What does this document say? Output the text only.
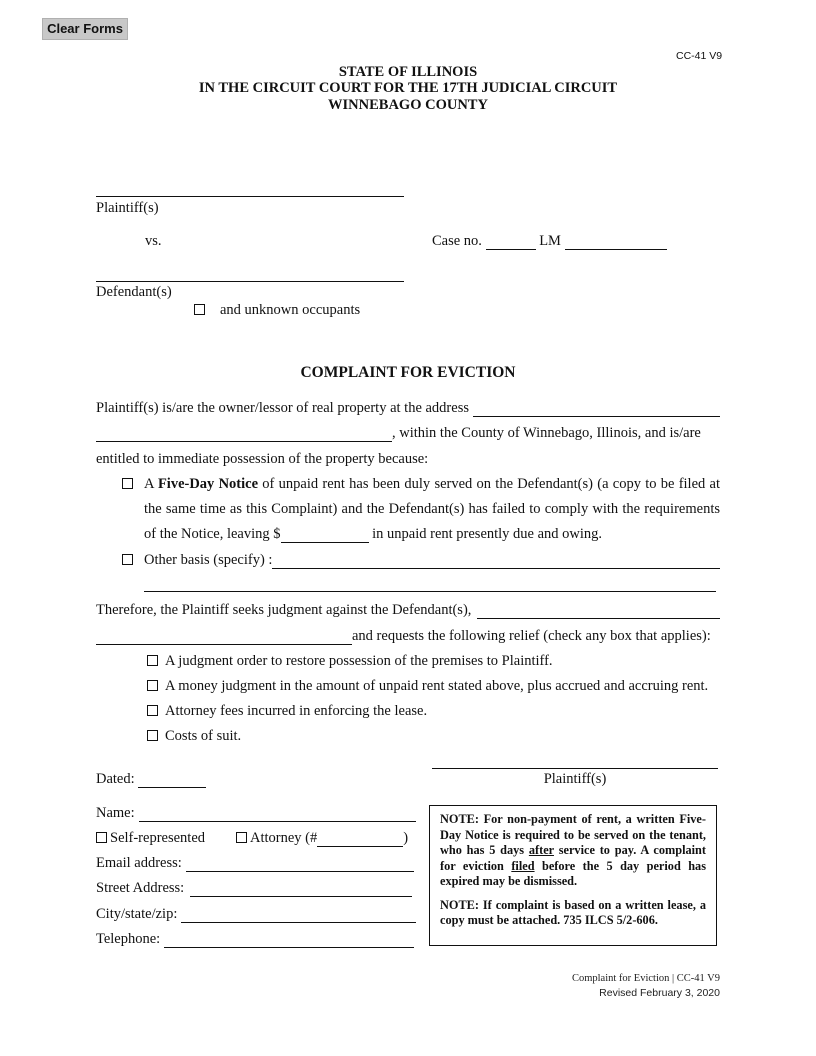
Clear Forms
CC-41 V9
STATE OF ILLINOIS
IN THE CIRCUIT COURT FOR THE 17TH JUDICIAL CIRCUIT
WINNEBAGO COUNTY
Plaintiff(s)
vs.	Case no.	LM
Defendant(s)
and unknown occupants
COMPLAINT FOR EVICTION
Plaintiff(s) is/are the owner/lessor of real property at the address
, within the County of Winnebago, Illinois, and is/are
entitled to immediate possession of the property because:
A Five-Day Notice of unpaid rent has been duly served on the Defendant(s) (a copy to be filed at
the same time as this Complaint) and the Defendant(s) has failed to comply with the requirements
of the Notice, leaving $	in unpaid rent presently due and owing.
Other basis (specify) :
Therefore, the Plaintiff seeks judgment against the Defendant(s),
and requests the following relief (check any box that applies):
A judgment order to restore possession of the premises to Plaintiff.
A money judgment in the amount of unpaid rent stated above, plus accrued and accruing rent.
Attorney fees incurred in enforcing the lease.
Costs of suit.
Dated:	Plaintiff(s)
Name:
Self-represented	Attorney (#	)
Email address:
Street Address:
City/state/zip:
Telephone:

NOTE: For non-payment of rent, a written Five-Day Notice is required to be served on the tenant, who has 5 days after service to pay. A complaint for eviction filed before the 5 day period has expired may be dismissed.

NOTE: If complaint is based on a written lease, a copy must be attached. 735 ILCS 5/2-606.

Complaint for Eviction | CC-41 V9
Revised February 3, 2020
